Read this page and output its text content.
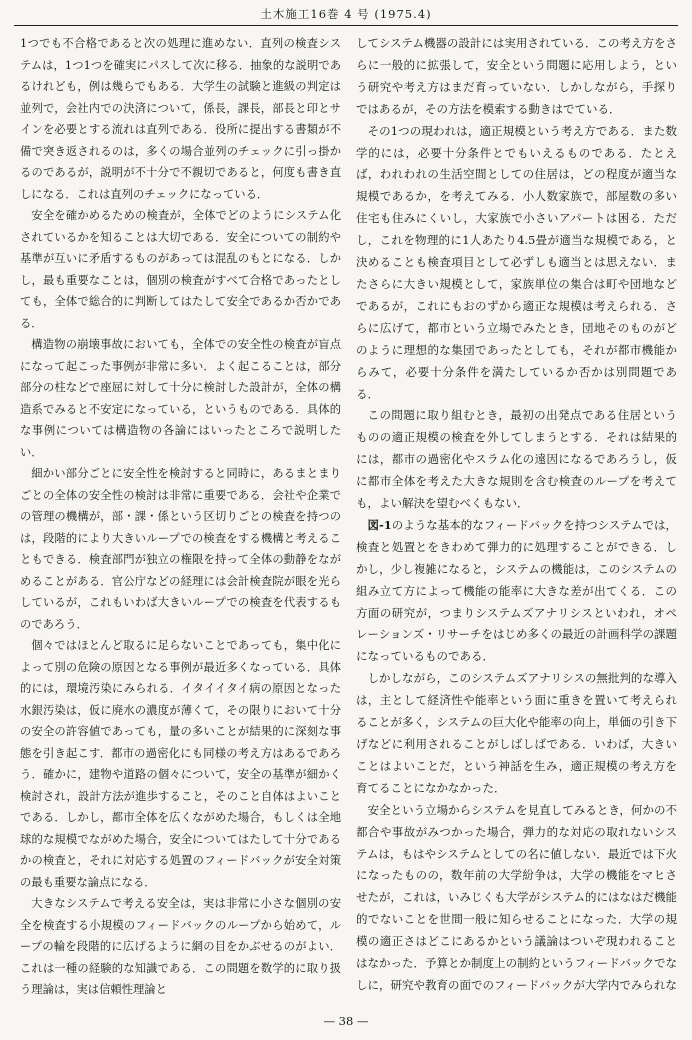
土木施工16巻 4 号 (1975.4)

1つでも不合格であると次の処理に進めない．直列の検査システムは，1つ1つを確実にパスして次に移る．抽象的な説明であるけれども，例は幾らでもある．大学生の試験と進級の判定は並列で，会社内での決済について，係長，課長，部長と印とサインを必要とする流れは直列である．役所に提出する書類が不備で突き返されるのは，多くの場合並列のチェックに引っ掛かるのであるが，説明が不十分で不親切であると，何度も書き直しになる．これは直列のチェックになっている．

安全を確かめるための検査が，全体でどのようにシステム化されているかを知ることは大切である．安全についての制約や基準が互いに矛盾するものがあっては混乱のもとになる．しかし，最も重要なことは，個別の検査がすべて合格であったとしても，全体で総合的に判断してはたして安全であるか否かである．

構造物の崩壊事故においても，全体での安全性の検査が盲点になって起こった事例が非常に多い．よく起こることは，部分部分の柱などで座屈に対して十分に検討した設計が，全体の構造系でみると不安定になっている，というものである．具体的な事例については構造物の各論にはいったところで説明したい．

細かい部分ごとに安全性を検討すると同時に，あるまとまりごとの全体の安全性の検討は非常に重要である．会社や企業での管理の機構が，部・課・係という区切りごとの検査を持つのは，段階的により大きいループでの検査をする機構と考えることもできる．検査部門が独立の権限を持って全体の動静をながめることがある．官公庁などの経理には会計検査院が眼を光らしているが，これもいわば大きいループでの検査を代表するものであろう．

個々ではほとんど取るに足らないことであっても，集中化によって別の危険の原因となる事例が最近多くなっている．具体的には，環境汚染にみられる．イタイイタイ病の原因となった水銀汚染は，仮に廃水の濃度が薄くて，その限りにおいて十分の安全の許容値であっても，量の多いことが結果的に深刻な事態を引き起こす．都市の過密化にも同様の考え方はあるであろう．確かに，建物や道路の個々について，安全の基準が細かく検討され，設計方法が進歩すること，そのこと自体はよいことである．しかし，都市全体を広くながめた場合，もしくは全地球的な規模でながめた場合，安全についてはたして十分であるかの検査と，それに対応する処置のフィードバックが安全対策の最も重要な論点になる．

大きなシステムで考える安全は，実は非常に小さな個別の安全を検査する小規模のフィードバックのループから始めて，ループの輪を段階的に広げるように網の目をかぶせるのがよい．これは一種の経験的な知識である．この問題を数学的に取り扱う理論は，実は信頼性理論と

してシステム機器の設計には実用されている．この考え方をさらに一般的に拡張して，安全という問題に応用しよう，という研究や考え方はまだ育っていない．しかしながら，手探りではあるが，その方法を模索する動きはでている．

その1つの現われは，適正規模という考え方である．また数学的には，必要十分条件とでもいえるものである．たとえば，われわれの生活空間としての住居は，どの程度が適当な規模であるか，を考えてみる．小人数家族で，部屋数の多い住宅も住みにくいし，大家族で小さいアパートは困る．ただし，これを物理的に1人あたり4.5畳が適当な規模である，と決めることも検査項目として必ずしも適当とは思えない．またさらに大きい規模として，家族単位の集合は町や団地などであるが，これにもおのずから適正な規模は考えられる．さらに広げて，都市という立場でみたとき，団地そのものがどのように理想的な集団であったとしても，それが都市機能からみて，必要十分条件を満たしているか否かは別問題である．

この問題に取り組むとき，最初の出発点である住居というものの適正規模の検査を外してしまうとする．それは結果的には，都市の過密化やスラム化の遠因になるであろうし，仮に都市全体を考えた大きな規則を含む検査のループを考えても，よい解決を望むべくもない．

図-1のような基本的なフィードバックを持つシステムでは，検査と処置とをきわめて弾力的に処理することができる．しかし，少し複雑になると，システムの機能は，このシステムの組み立て方によって機能の能率に大きな差が出てくる．この方面の研究が，つまりシステムズアナリシスといわれ，オペレーションズ・リサーチをはじめ多くの最近の計画科学の課題になっているものである．

しかしながら，このシステムズアナリシスの無批判的な導入は，主として経済性や能率という面に重きを置いて考えられることが多く，システムの巨大化や能率の向上，単価の引き下げなどに利用されることがしばしばである．いわば，大きいことはよいことだ，という神話を生み，適正規模の考え方を育てることになかなかった．

安全という立場からシステムを見直してみるとき，何かの不都合や事故がみつかった場合，弾力的な対応の取れないシステムは，もはやシステムとしての名に値しない．最近では下火になったものの，数年前の大学紛争は，大学の機能をマヒさせたが，これは，いみじくも大学がシステム的にはなはだ機能的でないことを世間一般に知らせることになった．大学の規模の適正さはどこにあるかという議論はついぞ現われることはなかった．予算とか制度上の制約というフィードバックでなしに，研究や教育の面でのフィードバックが大学内でみられな

— 38 —
